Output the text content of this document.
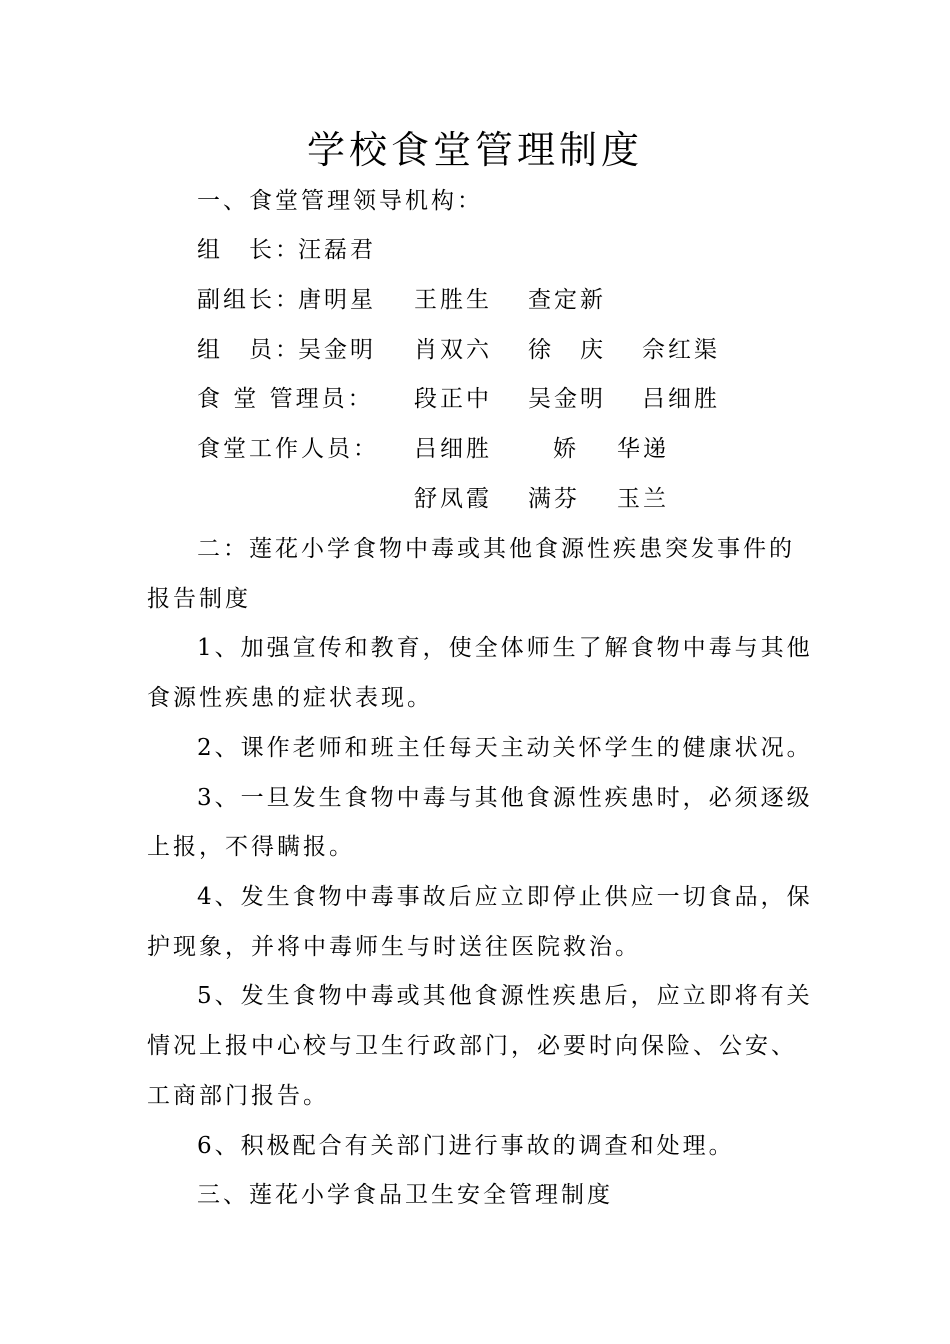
学校食堂管理制度
一、食堂管理领导机构：
组　长：
汪磊君
副组长：
唐明星 王胜生 查定新
组　员：
吴金明 肖双六 徐　庆 佘红渠
食 堂 管理员： 段正中 吴金明 吕细胜
食堂工作人员： 吕细胜	娇 华递
舒凤霞 满芬 玉兰
二：莲花小学食物中毒或其他食源性疾患突发事件的
报告制度
1、加强宣传和教育，使全体师生了解食物中毒与其他
食源性疾患的症状表现。
2、课作老师和班主任每天主动关怀学生的健康状况。
3、一旦发生食物中毒与其他食源性疾患时，必须逐级
上报，不得瞒报。
4、发生食物中毒事故后应立即停止供应一切食品，保
护现象，并将中毒师生与时送往医院救治。
5、发生食物中毒或其他食源性疾患后，应立即将有关
情况上报中心校与卫生行政部门，必要时向保险、公安、
工商部门报告。
6、积极配合有关部门进行事故的调查和处理。
三、莲花小学食品卫生安全管理制度
